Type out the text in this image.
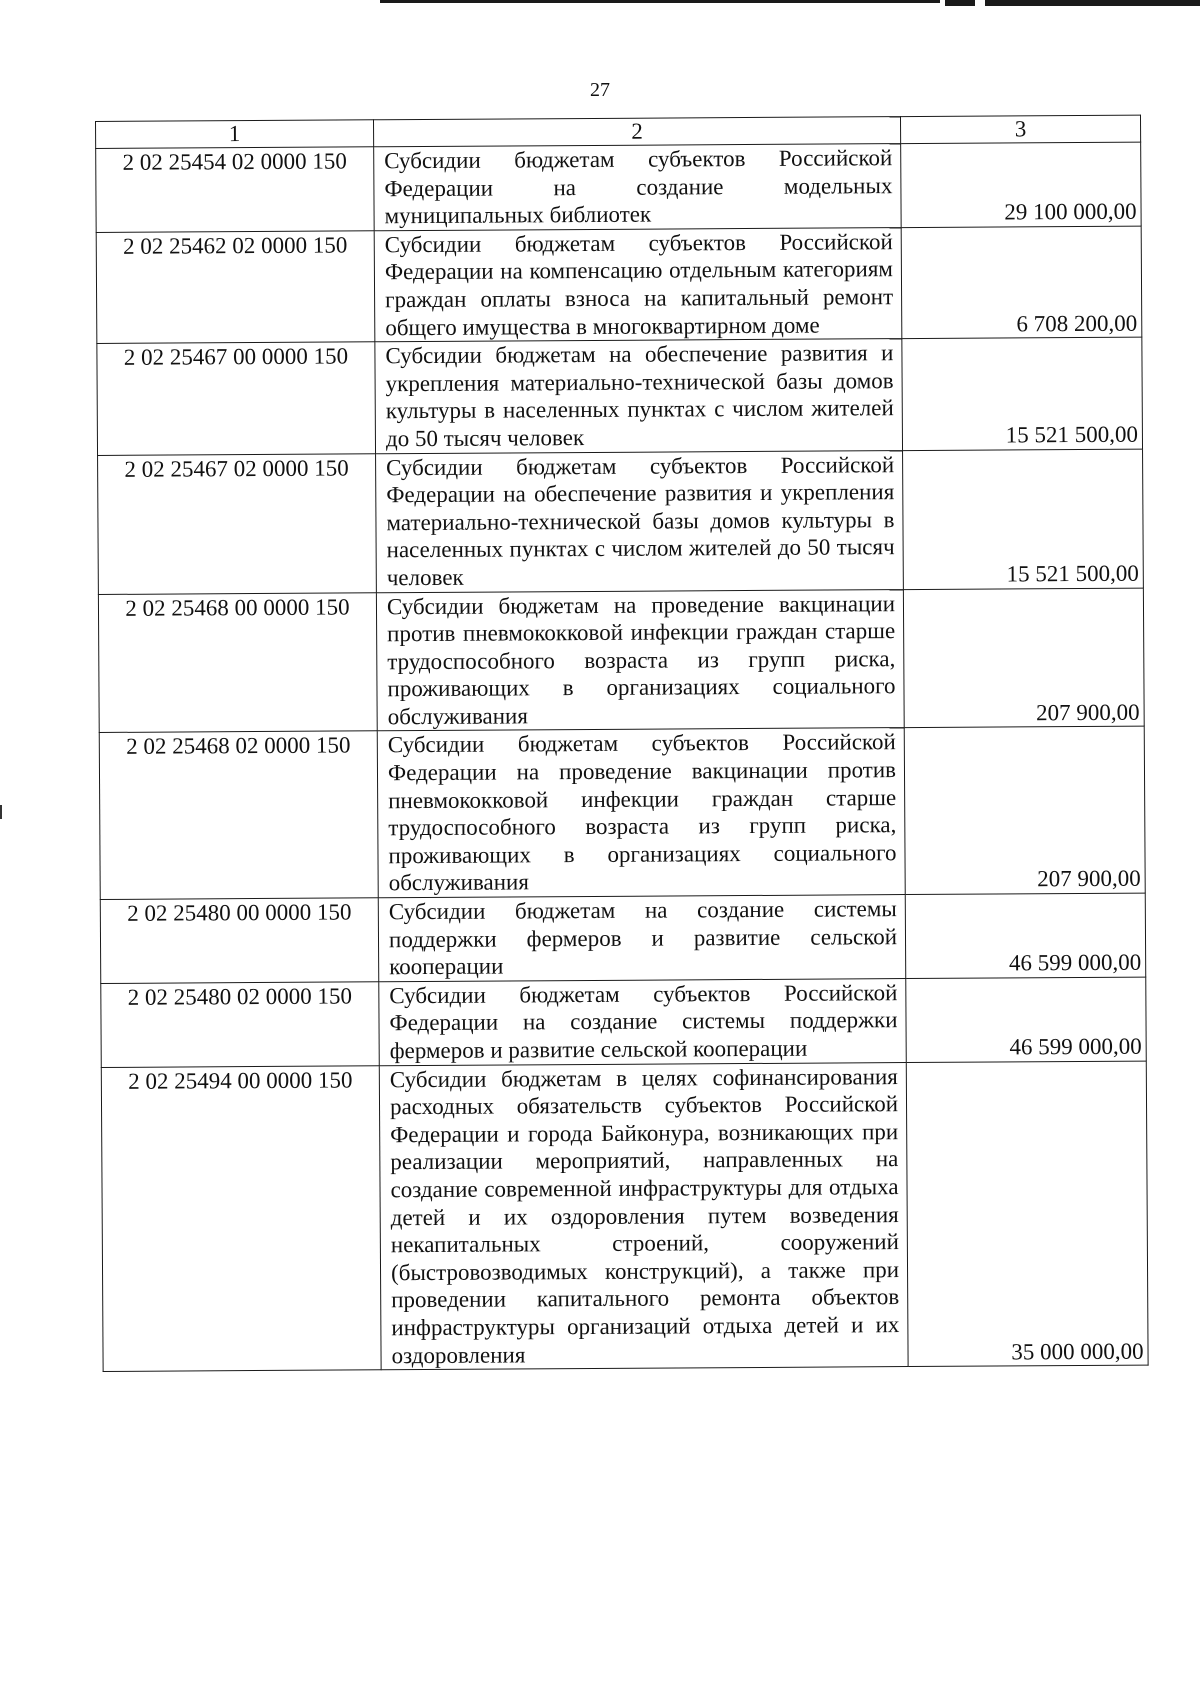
27
1	2	3
2 02 25454 02 0000 150	Субсидии бюджетам субъектов Российской Федерации на создание модельных муниципальных библиотек	29 100 000,00
2 02 25462 02 0000 150	Субсидии бюджетам субъектов Российской Федерации на компенсацию отдельным категориям граждан оплаты взноса на капитальный ремонт общего имущества в многоквартирном доме	6 708 200,00
2 02 25467 00 0000 150	Субсидии бюджетам на обеспечение развития и укрепления материально-технической базы домов культуры в населенных пунктах с числом жителей до 50 тысяч человек	15 521 500,00
2 02 25467 02 0000 150	Субсидии бюджетам субъектов Российской Федерации на обеспечение развития и укрепления материально-технической базы домов культуры в населенных пунктах с числом жителей до 50 тысяч человек	15 521 500,00
2 02 25468 00 0000 150	Субсидии бюджетам на проведение вакцинации против пневмококковой инфекции граждан старше трудоспособного возраста из групп риска, проживающих в организациях социального обслуживания	207 900,00
2 02 25468 02 0000 150	Субсидии бюджетам субъектов Российской Федерации на проведение вакцинации против пневмококковой инфекции граждан старше трудоспособного возраста из групп риска, проживающих в организациях социального обслуживания	207 900,00
2 02 25480 00 0000 150	Субсидии бюджетам на создание системы поддержки фермеров и развитие сельской кооперации	46 599 000,00
2 02 25480 02 0000 150	Субсидии бюджетам субъектов Российской Федерации на создание системы поддержки фермеров и развитие сельской кооперации	46 599 000,00
2 02 25494 00 0000 150	Субсидии бюджетам в целях софинансирования расходных обязательств субъектов Российской Федерации и города Байконура, возникающих при реализации мероприятий, направленных на создание современной инфраструктуры для отдыха детей и их оздоровления путем возведения некапитальных строений, сооружений (быстровозводимых конструкций), а также при проведении капитального ремонта объектов инфраструктуры организаций отдыха детей и их оздоровления	35 000 000,00
